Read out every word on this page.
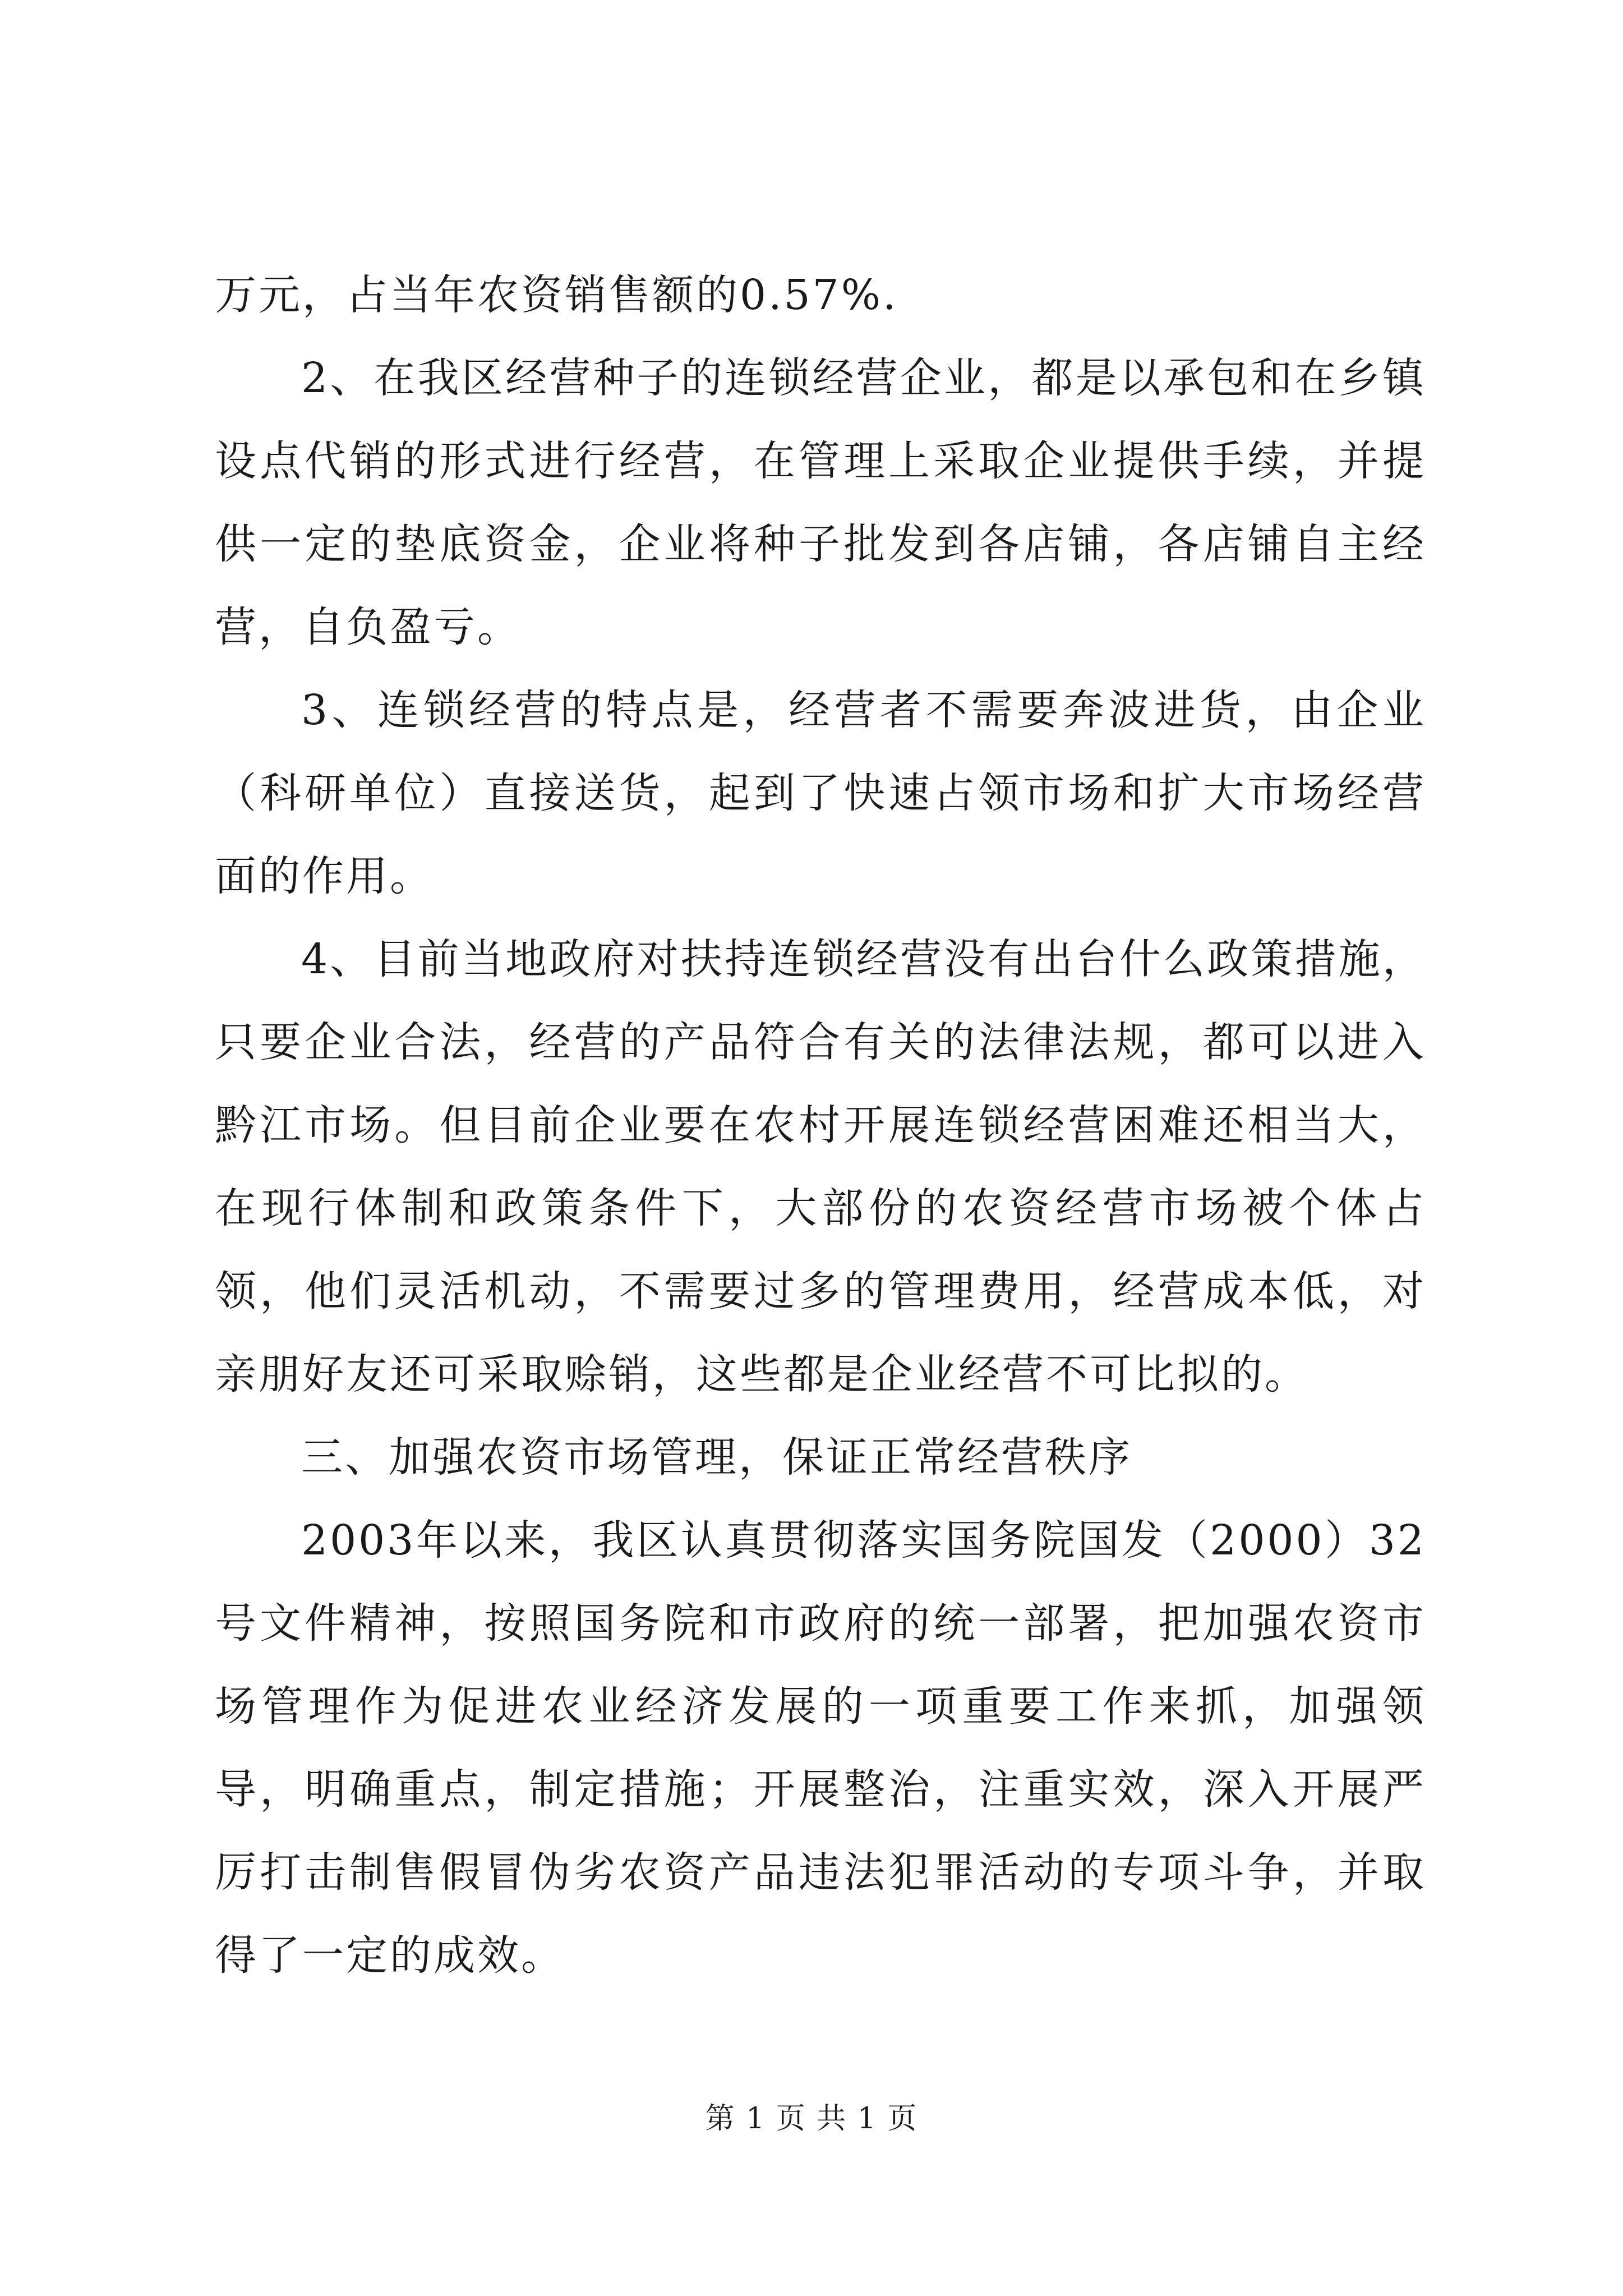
万元，占当年农资销售额的0.57%.

2、在我区经营种子的连锁经营企业，都是以承包和在乡镇设点代销的形式进行经营，在管理上采取企业提供手续，并提供一定的垫底资金，企业将种子批发到各店铺，各店铺自主经营，自负盈亏。

3、连锁经营的特点是，经营者不需要奔波进货，由企业（科研单位）直接送货，起到了快速占领市场和扩大市场经营面的作用。

4、目前当地政府对扶持连锁经营没有出台什么政策措施，只要企业合法，经营的产品符合有关的法律法规，都可以进入黔江市场。但目前企业要在农村开展连锁经营困难还相当大，在现行体制和政策条件下，大部份的农资经营市场被个体占领，他们灵活机动，不需要过多的管理费用，经营成本低，对亲朋好友还可采取赊销，这些都是企业经营不可比拟的。

三、加强农资市场管理，保证正常经营秩序

2003年以来，我区认真贯彻落实国务院国发（2000）32号文件精神，按照国务院和市政府的统一部署，把加强农资市场管理作为促进农业经济发展的一项重要工作来抓，加强领导，明确重点，制定措施；开展整治，注重实效，深入开展严厉打击制售假冒伪劣农资产品违法犯罪活动的专项斗争，并取得了一定的成效。

第 1 页 共 1 页
